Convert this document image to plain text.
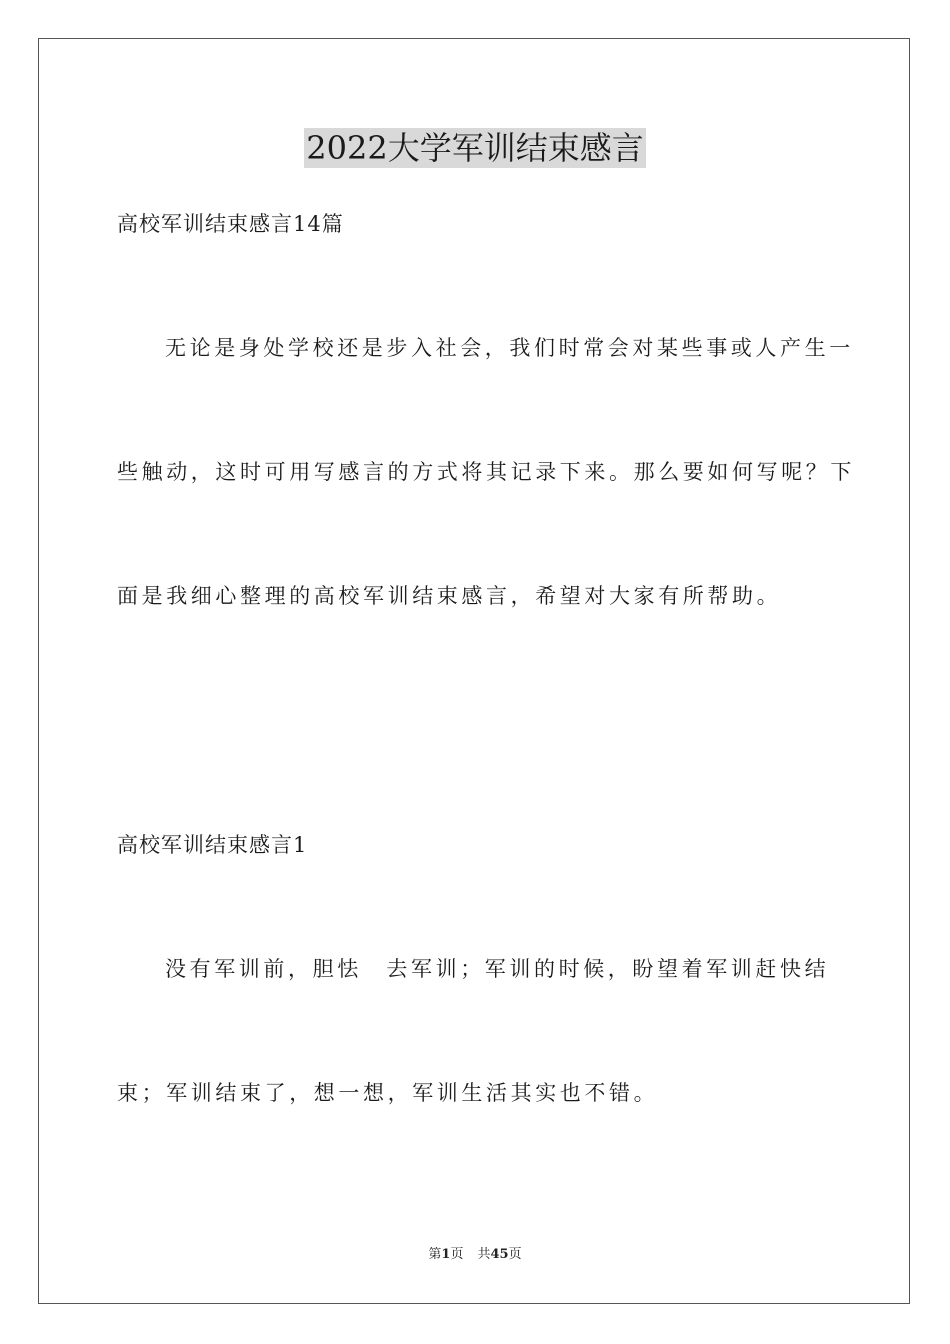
2022大学军训结束感言
高校军训结束感言14篇
无论是身处学校还是步入社会，我们时常会对某些事或人产生一
些触动，这时可用写感言的方式将其记录下来。那么要如何写呢？下
面是我细心整理的高校军训结束感言，希望对大家有所帮助。
高校军训结束感言1
没有军训前，胆怯　去军训；军训的时候，盼望着军训赶快结
束；军训结束了，想一想，军训生活其实也不错。
第1页 共45页
